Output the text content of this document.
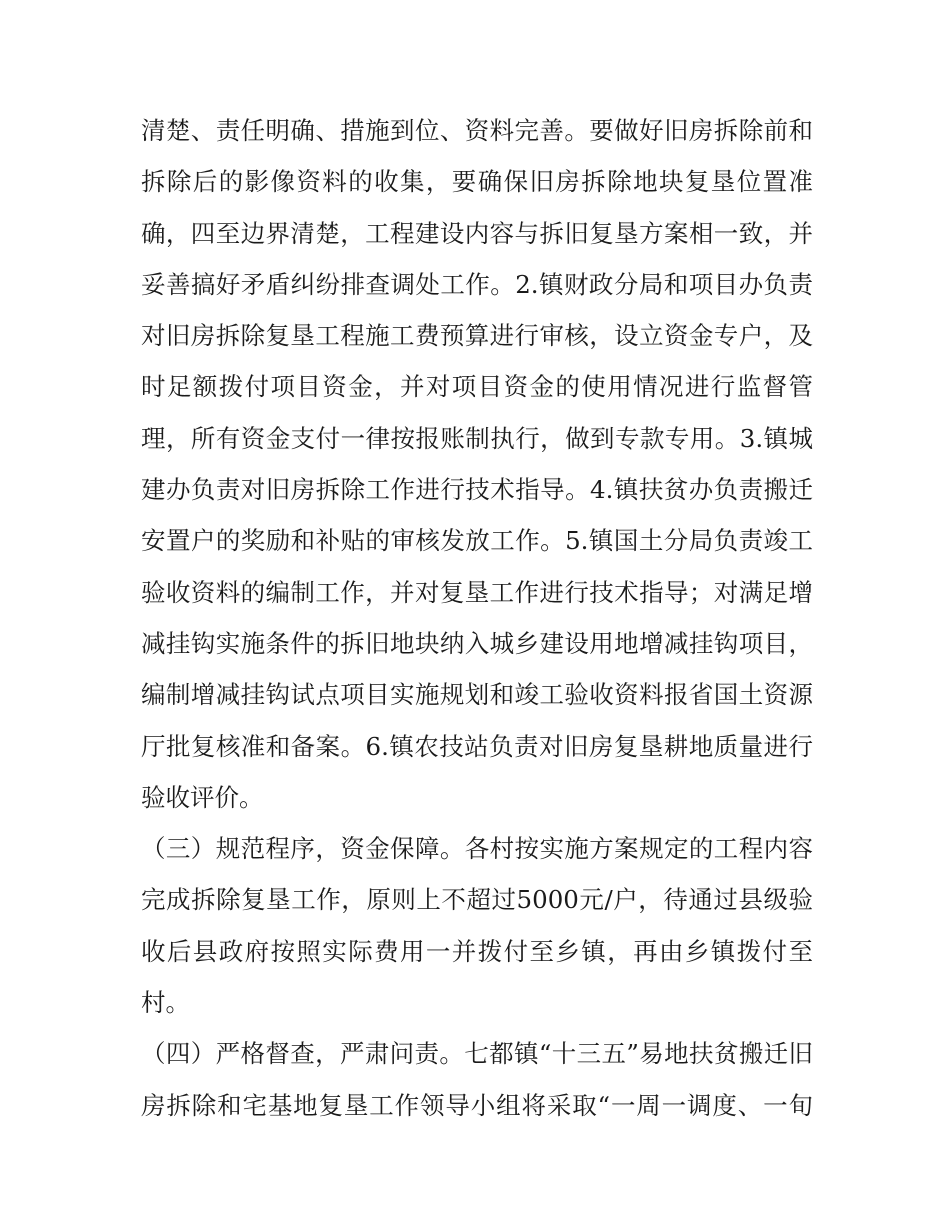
清楚、责任明确、措施到位、资料完善。要做好旧房拆除前和
拆除后的影像资料的收集，要确保旧房拆除地块复垦位置准
确，四至边界清楚，工程建设内容与拆旧复垦方案相一致，并
妥善搞好矛盾纠纷排查调处工作。2.镇财政分局和项目办负责
对旧房拆除复垦工程施工费预算进行审核，设立资金专户，及
时足额拨付项目资金，并对项目资金的使用情况进行监督管
理，所有资金支付一律按报账制执行，做到专款专用。3.镇城
建办负责对旧房拆除工作进行技术指导。4.镇扶贫办负责搬迁
安置户的奖励和补贴的审核发放工作。5.镇国土分局负责竣工
验收资料的编制工作，并对复垦工作进行技术指导；对满足增
减挂钩实施条件的拆旧地块纳入城乡建设用地增减挂钩项目，
编制增减挂钩试点项目实施规划和竣工验收资料报省国土资源
厅批复核准和备案。6.镇农技站负责对旧房复垦耕地质量进行
验收评价。
（三）规范程序，资金保障。各村按实施方案规定的工程内容
完成拆除复垦工作，原则上不超过5000元/户，待通过县级验
收后县政府按照实际费用一并拨付至乡镇，再由乡镇拨付至
村。
（四）严格督查，严肃问责。七都镇“十三五”易地扶贫搬迁旧
房拆除和宅基地复垦工作领导小组将采取“一周一调度、一旬
